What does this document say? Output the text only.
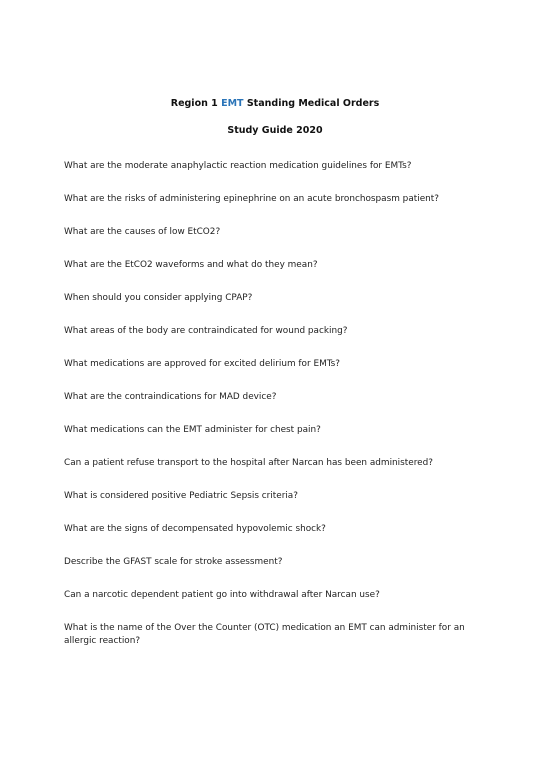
Region 1 EMT Standing Medical Orders
Study Guide 2020
What are the moderate anaphylactic reaction medication guidelines for EMTs?
What are the risks of administering epinephrine on an acute bronchospasm patient?
What are the causes of low EtCO2?
What are the EtCO2 waveforms and what do they mean?
When should you consider applying CPAP?
What areas of the body are contraindicated for wound packing?
What medications are approved for excited delirium for EMTs?
What are the contraindications for MAD device?
What medications can the EMT administer for chest pain?
Can a patient refuse transport to the hospital after Narcan has been administered?
What is considered positive Pediatric Sepsis criteria?
What are the signs of decompensated hypovolemic shock?
Describe the GFAST scale for stroke assessment?
Can a narcotic dependent patient go into withdrawal after Narcan use?
What is the name of the Over the Counter (OTC) medication an EMT can administer for an allergic reaction?
